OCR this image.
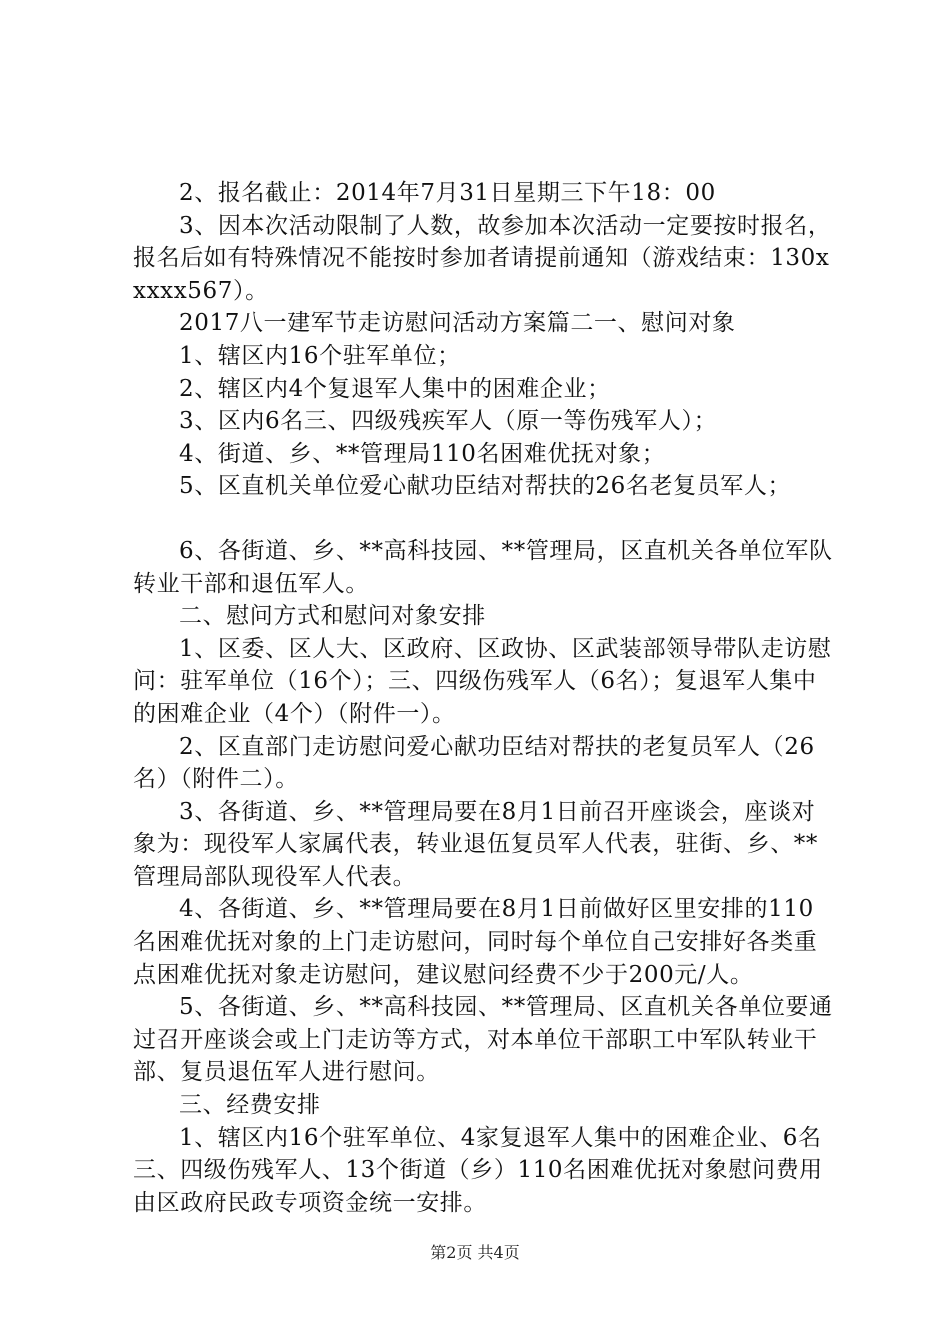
2、报名截止：2014年7月31日星期三下午18：00

3、因本次活动限制了人数，故参加本次活动一定要按时报名，报名后如有特殊情况不能按时参加者请提前通知（游戏结束：130xxxxx567）。

2017八一建军节走访慰问活动方案篇二一、慰问对象

1、辖区内16个驻军单位；

2、辖区内4个复退军人集中的困难企业；

3、区内6名三、四级残疾军人（原一等伤残军人）；

4、街道、乡、**管理局110名困难优抚对象；

5、区直机关单位爱心献功臣结对帮扶的26名老复员军人；

6、各街道、乡、**高科技园、**管理局，区直机关各单位军队转业干部和退伍军人。

二、慰问方式和慰问对象安排

1、区委、区人大、区政府、区政协、区武装部领导带队走访慰问：驻军单位（16个）；三、四级伤残军人（6名）；复退军人集中的困难企业（4个）（附件一）。

2、区直部门走访慰问爱心献功臣结对帮扶的老复员军人（26名）（附件二）。

3、各街道、乡、**管理局要在8月1日前召开座谈会，座谈对象为：现役军人家属代表，转业退伍复员军人代表，驻街、乡、**管理局部队现役军人代表。

4、各街道、乡、**管理局要在8月1日前做好区里安排的110名困难优抚对象的上门走访慰问，同时每个单位自己安排好各类重点困难优抚对象走访慰问，建议慰问经费不少于200元/人。

5、各街道、乡、**高科技园、**管理局、区直机关各单位要通过召开座谈会或上门走访等方式，对本单位干部职工中军队转业干部、复员退伍军人进行慰问。

三、经费安排

1、辖区内16个驻军单位、4家复退军人集中的困难企业、6名三、四级伤残军人、13个街道（乡）110名困难优抚对象慰问费用由区政府民政专项资金统一安排。

第2页 共4页
